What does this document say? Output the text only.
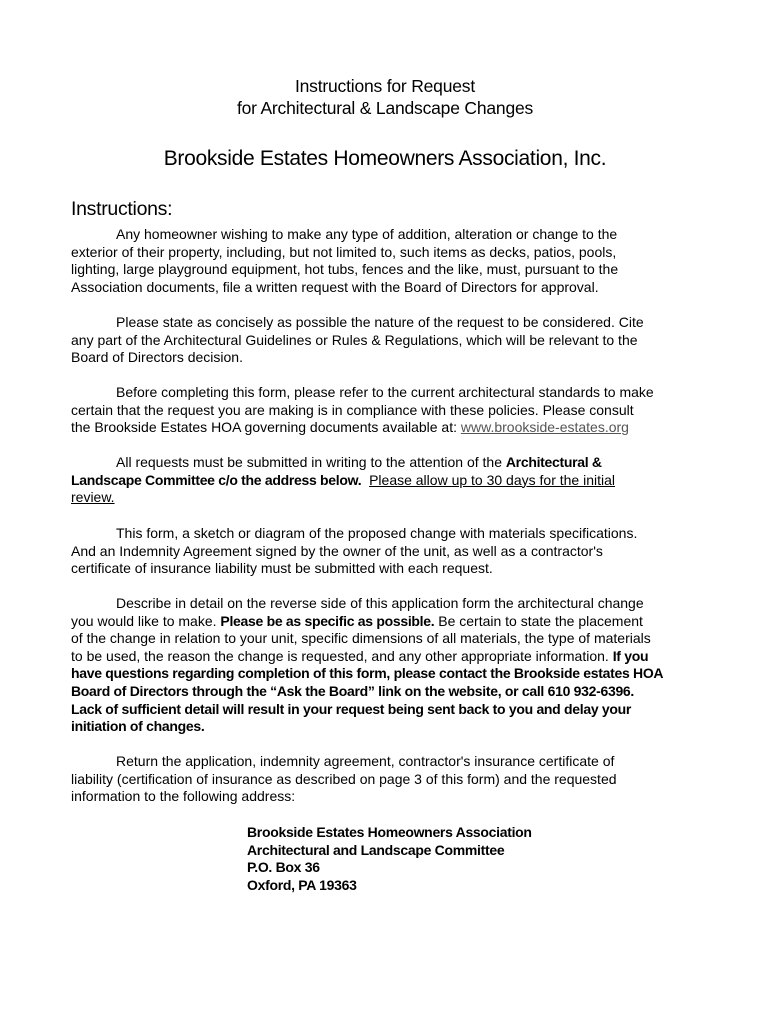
Instructions for Request
for Architectural & Landscape Changes
Brookside Estates Homeowners Association, Inc.
Instructions:
Any homeowner wishing to make any type of addition, alteration or change to the
exterior of their property, including, but not limited to, such items as decks, patios, pools,
lighting, large playground equipment, hot tubs, fences and the like, must, pursuant to the
Association documents, file a written request with the Board of Directors for approval.
Please state as concisely as possible the nature of the request to be considered. Cite
any part of the Architectural Guidelines or Rules & Regulations, which will be relevant to the
Board of Directors decision.
Before completing this form, please refer to the current architectural standards to make
certain that the request you are making is in compliance with these policies. Please consult
the Brookside Estates HOA governing documents available at: www.brookside-estates.org
All requests must be submitted in writing to the attention of the Architectural &
Landscape Committee c/o the address below. Please allow up to 30 days for the initial
review.
This form, a sketch or diagram of the proposed change with materials specifications.
And an Indemnity Agreement signed by the owner of the unit, as well as a contractor's
certificate of insurance liability must be submitted with each request.
Describe in detail on the reverse side of this application form the architectural change
you would like to make. Please be as specific as possible. Be certain to state the placement
of the change in relation to your unit, specific dimensions of all materials, the type of materials
to be used, the reason the change is requested, and any other appropriate information. If you
have questions regarding completion of this form, please contact the Brookside estates HOA
Board of Directors through the “Ask the Board” link on the website, or call 610 932-6396.
Lack of sufficient detail will result in your request being sent back to you and delay your
initiation of changes.
Return the application, indemnity agreement, contractor's insurance certificate of
liability (certification of insurance as described on page 3 of this form) and the requested
information to the following address:
Brookside Estates Homeowners Association
Architectural and Landscape Committee
P.O. Box 36
Oxford, PA 19363
